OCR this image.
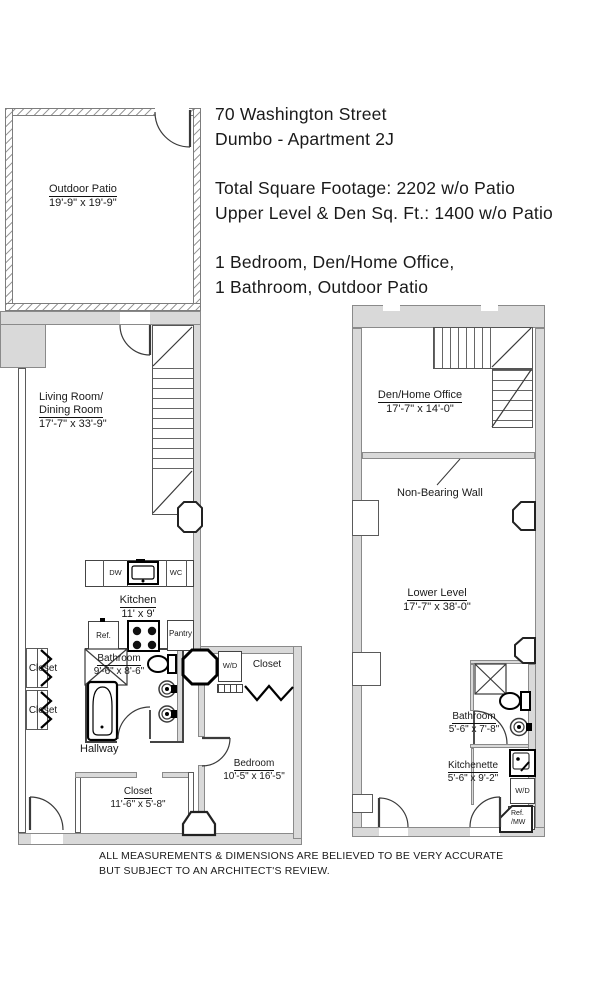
70 Washington Street
Dumbo - Apartment 2J
Total Square Footage: 2202 w/o Patio
Upper Level & Den Sq. Ft.: 1400 w/o Patio
1 Bedroom, Den/Home Office,
1 Bathroom, Outdoor Patio
Outdoor Patio
19'-9" x 19'-9"
Living Room/
Dining Room
17'-7" x 33'-9"
Kitchen
11' x 9'
Bathroom
9'-6" x 8'-6"
Closet
Closet
Hallway
Closet
11'-6" x 5'-8"
Bedroom
10'-5" x 16'-5"
Closet
DW	WC
Ref.	Pantry
W/D
Den/Home Office
17'-7" x 14'-0"
Non-Bearing Wall
Lower Level
17'-7" x 38'-0"
Bathroom
5'-6" x 7'-8"
Kitchenette
5'-6" x 9'-2"
W/D
Ref.
/MW
ALL MEASUREMENTS & DIMENSIONS ARE BELIEVED TO BE VERY ACCURATE
BUT SUBJECT TO AN ARCHITECT'S REVIEW.
